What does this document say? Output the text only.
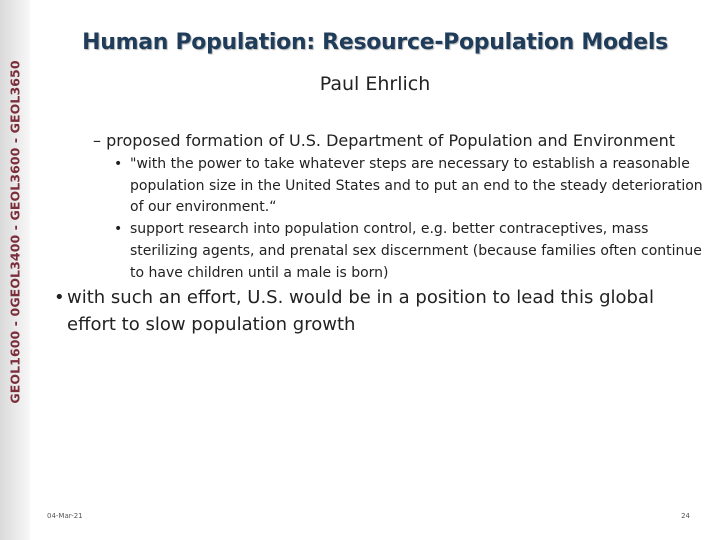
GEOL1600 - 0GEOL3400 - GEOL3600 - GEOL3650
Human Population: Resource-Population Models
Paul Ehrlich
– proposed formation of U.S. Department of Population and Environment
• "with the power to take whatever steps are necessary to establish a reasonable population size in the United States and to put an end to the steady deterioration of our environment.“
• support research into population control, e.g. better contraceptives, mass sterilizing agents, and prenatal sex discernment (because families often continue to have children until a male is born)
• with such an effort, U.S. would be in a position to lead this global effort to slow population growth
04-Mar-21	24
